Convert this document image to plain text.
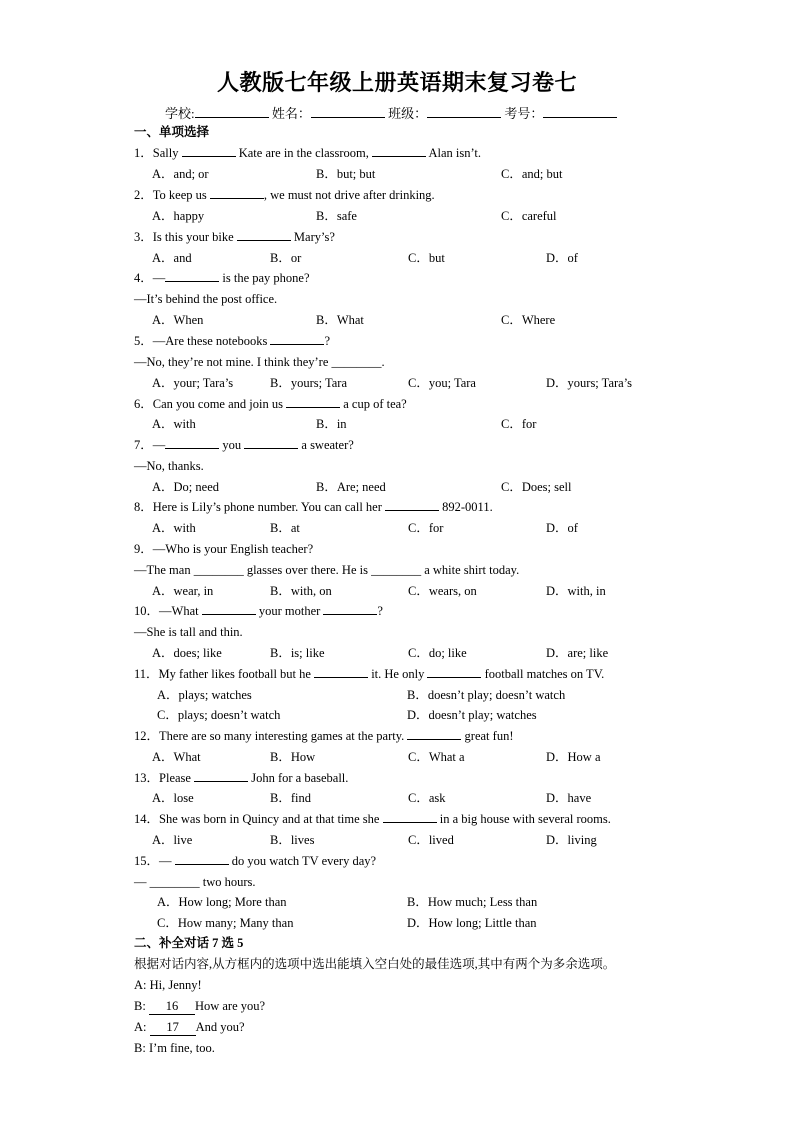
人教版七年级上册英语期末复习卷七
学校:	姓名：	班级：	考号：
一、单项选择
1．Sally	Kate are in the classroom,	Alan isn’t.
A．and; or	B．but; but	C．and; but
2．To keep us	, we must not drive after drinking.
A．happy	B．safe	C．careful
3．Is this your bike	Mary’s?
A．and	B．or	C．but	D．of
4．—	is the pay phone?
—It’s behind the post office.
A．When	B．What	C．Where
5．—Are these notebooks	?
—No, they’re not mine. I think they’re ________.
A．your; Tara’s	B．yours; Tara	C．you; Tara	D．yours; Tara’s
6．Can you come and join us	a cup of tea?
A．with	B．in	C．for
7．—	you	a sweater?
—No, thanks.
A．Do; need	B．Are; need	C．Does; sell
8．Here is Lily’s phone number. You can call her	892-0011.
A．with	B．at	C．for	D．of
9．—Who is your English teacher?
—The man ________ glasses over there. He is ________ a white shirt today.
A．wear, in	B．with, on	C．wears, on	D．with, in
10．—What	your mother	?
—She is tall and thin.
A．does; like	B．is; like	C．do; like	D．are; like
11．My father likes football but he	it. He only	football matches on TV.
A．plays; watches	B．doesn’t play; doesn’t watch
C．plays; doesn’t watch	D．doesn’t play; watches
12．There are so many interesting games at the party.	great fun!
A．What	B．How	C．What a	D．How a
13．Please	John for a baseball.
A．lose	B．find	C．ask	D．have
14．She was born in Quincy and at that time she	in a big house with several rooms.
A．live	B．lives	C．lived	D．living
15．—	do you watch TV every day?
— ________ two hours.
A．How long; More than	B．How much; Less than
C．How many; Many than	D．How long; Little than
二、补全对话 7 选 5
根据对话内容,从方框内的选项中选出能填入空白处的最佳选项,其中有两个为多余选项。
A: Hi, Jenny!
B: 16 How are you?
A: 17 And you?
B: I’m fine, too.
